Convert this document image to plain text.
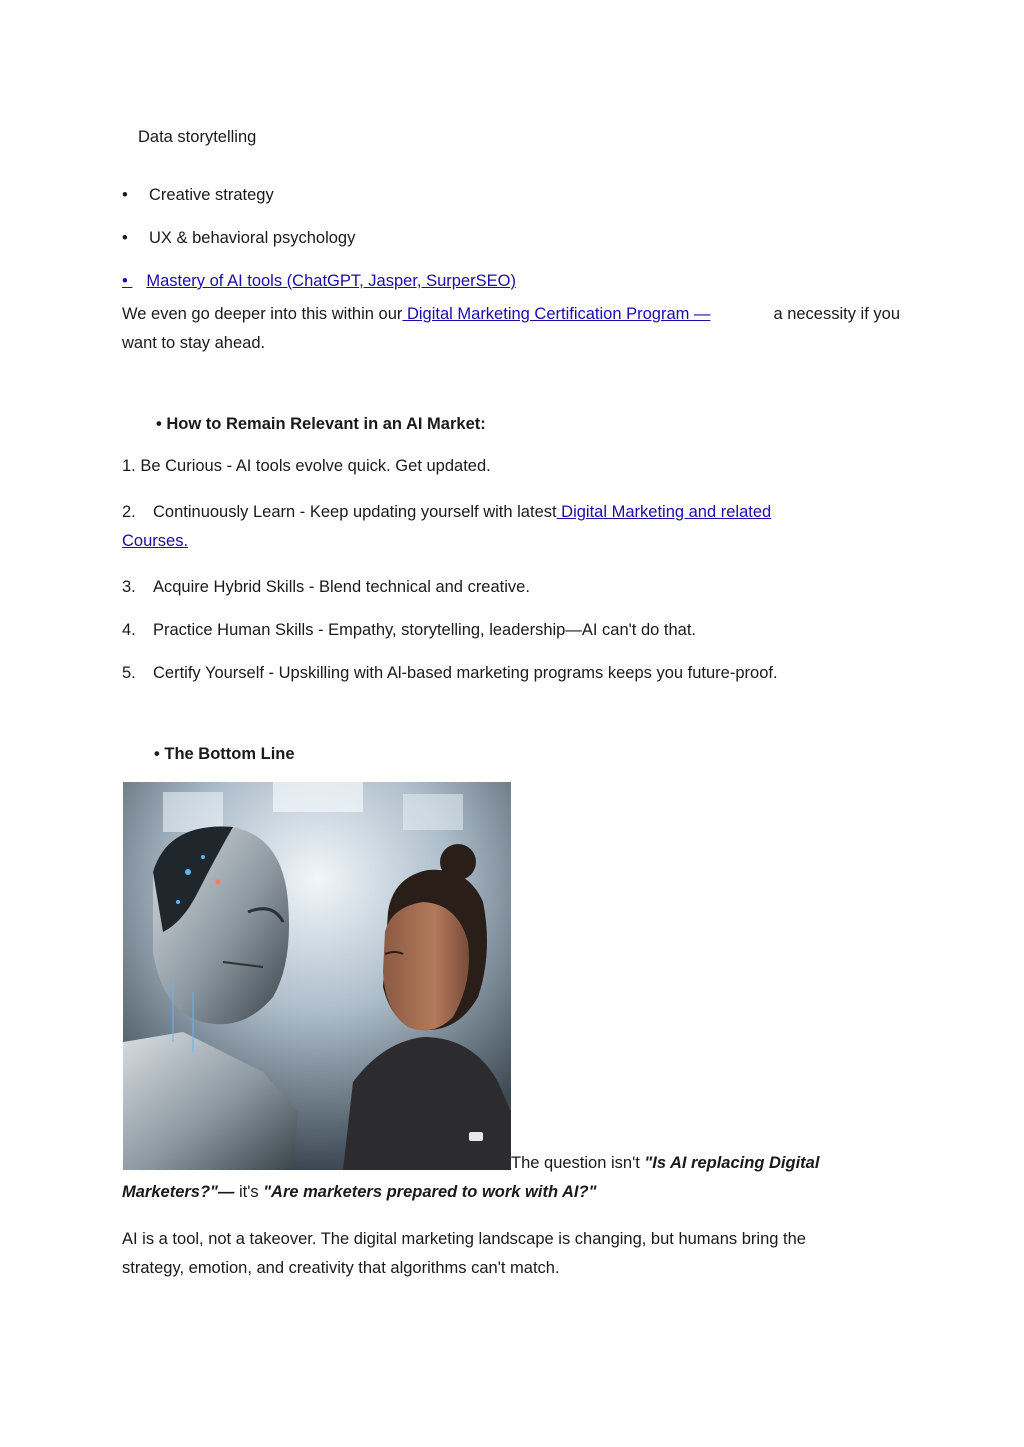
Data storytelling
• Creative strategy
• UX & behavioral psychology
• Mastery of AI tools (ChatGPT, Jasper, SurperSEO)
We even go deeper into this within our Digital Marketing Certification Program —	a necessity if you
want to stay ahead.
• How to Remain Relevant in an AI Market:
1. Be Curious - AI tools evolve quick. Get updated.
2. Continuously Learn - Keep updating yourself with latest Digital Marketing and related
Courses.
3. Acquire Hybrid Skills - Blend technical and creative.
4. Practice Human Skills - Empathy, storytelling, leadership—AI can't do that.
5. Certify Yourself - Upskilling with Al-based marketing programs keeps you future-proof.
• The Bottom Line
The question isn't "Is AI replacing Digital
Marketers?"— it's "Are marketers prepared to work with AI?"
AI is a tool, not a takeover. The digital marketing landscape is changing, but humans bring the
strategy, emotion, and creativity that algorithms can't match.
